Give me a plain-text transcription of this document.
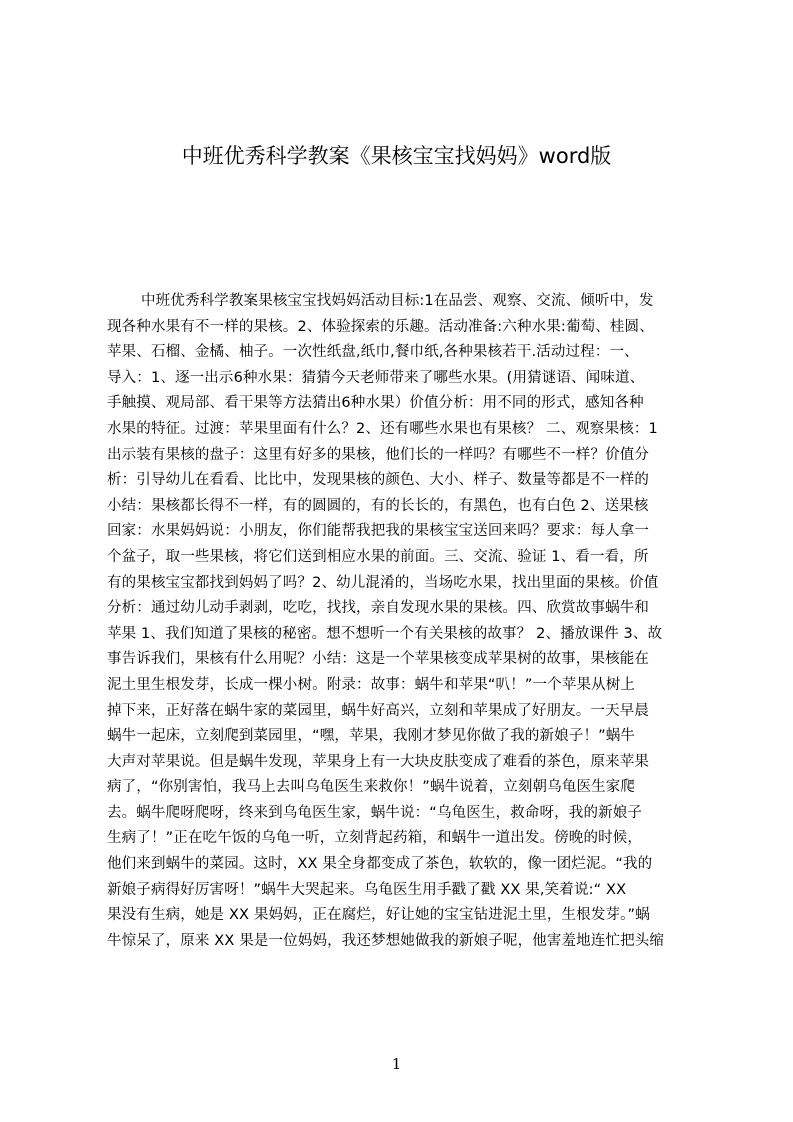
中班优秀科学教案《果核宝宝找妈妈》word版
中班优秀科学教案果核宝宝找妈妈活动目标:1在品尝、观察、交流、倾听中，发
现各种水果有不一样的果核。2、体验探索的乐趣。活动准备:六种水果:葡萄、桂圆、
苹果、石榴、金橘、柚子。一次性纸盘,纸巾,餐巾纸,各种果核若干.活动过程：一、
导入：1、逐一出示6种水果：猜猜今天老师带来了哪些水果。(用猜谜语、闻味道、
手触摸、观局部、看干果等方法猜出6种水果）价值分析：用不同的形式，感知各种
水果的特征。过渡：苹果里面有什么？2、还有哪些水果也有果核？ 二、观察果核：1
出示装有果核的盘子：这里有好多的果核，他们长的一样吗？有哪些不一样？价值分
析：引导幼儿在看看、比比中，发现果核的颜色、大小、样子、数量等都是不一样的
小结：果核都长得不一样，有的圆圆的，有的长长的，有黑色，也有白色 2、送果核
回家：水果妈妈说：小朋友，你们能帮我把我的果核宝宝送回来吗？要求：每人拿一
个盆子，取一些果核，将它们送到相应水果的前面。三、交流、验证 1、看一看，所
有的果核宝宝都找到妈妈了吗？2、幼儿混淆的，当场吃水果，找出里面的果核。价值
分析：通过幼儿动手剥剥，吃吃，找找，亲自发现水果的果核。四、欣赏故事蜗牛和
苹果 1、我们知道了果核的秘密。想不想听一个有关果核的故事？ 2、播放课件 3、故
事告诉我们，果核有什么用呢？小结：这是一个苹果核变成苹果树的故事，果核能在
泥土里生根发芽，长成一棵小树。附录：故事：蜗牛和苹果“叭！”一个苹果从树上
掉下来，正好落在蜗牛家的菜园里，蜗牛好高兴，立刻和苹果成了好朋友。一天早晨
蜗牛一起床，立刻爬到菜园里，“嘿，苹果，我刚才梦见你做了我的新娘子！”蜗牛
大声对苹果说。但是蜗牛发现，苹果身上有一大块皮肤变成了难看的茶色，原来苹果
病了，“你别害怕，我马上去叫乌龟医生来救你！”蜗牛说着，立刻朝乌龟医生家爬
去。蜗牛爬呀爬呀，终来到乌龟医生家，蜗牛说：“乌龟医生，救命呀，我的新娘子
生病了！”正在吃午饭的乌龟一听，立刻背起药箱，和蜗牛一道出发。傍晚的时候，
他们来到蜗牛的菜园。这时，XX 果全身都变成了茶色，软软的，像一团烂泥。“我的
新娘子病得好厉害呀！”蜗牛大哭起来。乌龟医生用手戳了戳 XX 果,笑着说:“ XX
果没有生病，她是 XX 果妈妈，正在腐烂，好让她的宝宝钻进泥土里，生根发芽。”蜗
牛惊呆了，原来 XX 果是一位妈妈，我还梦想她做我的新娘子呢，他害羞地连忙把头缩
1
